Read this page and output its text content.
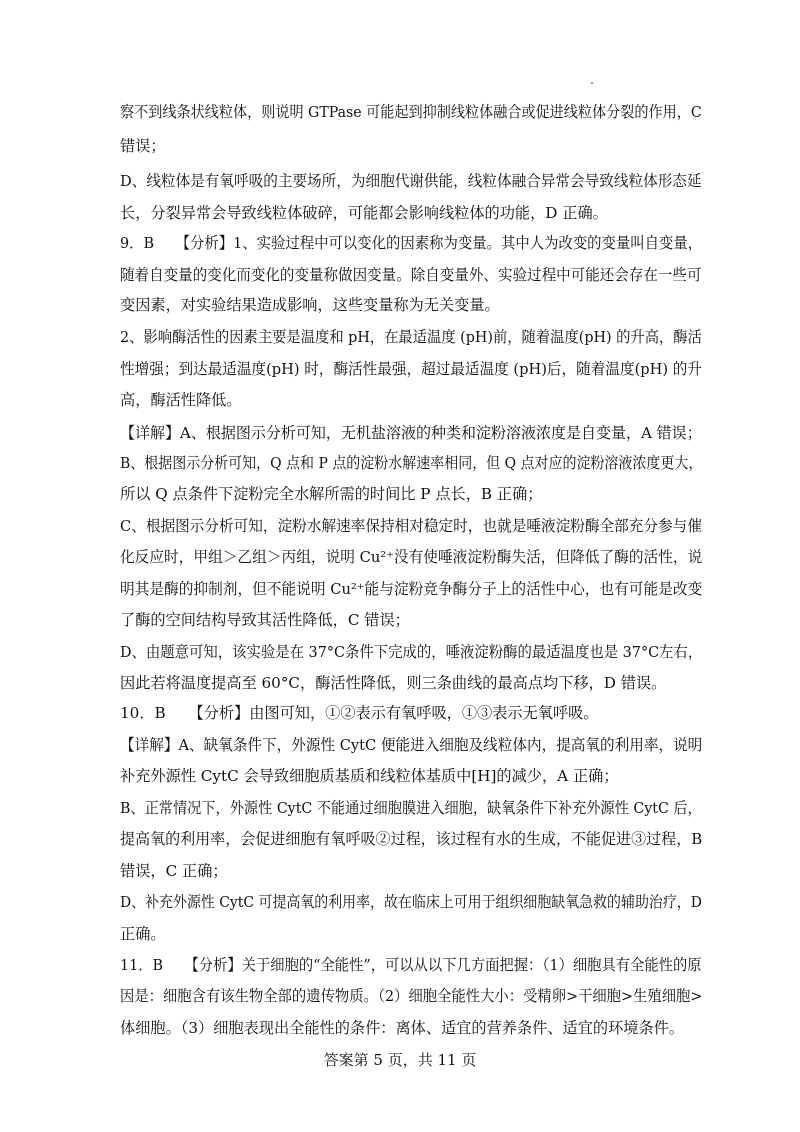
察不到线条状线粒体，则说明 GTPase 可能起到抑制线粒体融合或促进线粒体分裂的作用，C
错误；
D、线粒体是有氧呼吸的主要场所，为细胞代谢供能，线粒体融合异常会导致线粒体形态延
长，分裂异常会导致线粒体破碎，可能都会影响线粒体的功能，D 正确。
9．B　　【分析】1、实验过程中可以变化的因素称为变量。其中人为改变的变量叫自变量，
随着自变量的变化而变化的变量称做因变量。除自变量外、实验过程中可能还会存在一些可
变因素，对实验结果造成影响，这些变量称为无关变量。
2、影响酶活性的因素主要是温度和 pH，在最适温度 (pH)前，随着温度(pH) 的升高，酶活
性增强；到达最适温度(pH) 时，酶活性最强，超过最适温度 (pH)后，随着温度(pH) 的升
高，酶活性降低。
【详解】A、根据图示分析可知，无机盐溶液的种类和淀粉溶液浓度是自变量，A 错误；
B、根据图示分析可知，Q 点和 P 点的淀粉水解速率相同，但 Q 点对应的淀粉溶液浓度更大，
所以 Q 点条件下淀粉完全水解所需的时间比 P 点长，B 正确；
C、根据图示分析可知，淀粉水解速率保持相对稳定时，也就是唾液淀粉酶全部充分参与催
化反应时，甲组＞乙组＞丙组，说明 Cu²⁺没有使唾液淀粉酶失活，但降低了酶的活性，说
明其是酶的抑制剂，但不能说明 Cu²⁺能与淀粉竞争酶分子上的活性中心，也有可能是改变
了酶的空间结构导致其活性降低，C 错误；
D、由题意可知，该实验是在 37°C条件下完成的，唾液淀粉酶的最适温度也是 37°C左右，
因此若将温度提高至 60°C，酶活性降低，则三条曲线的最高点均下移，D 错误。
10．B　　【分析】由图可知，①②表示有氧呼吸，①③表示无氧呼吸。
【详解】A、缺氧条件下，外源性 CytC 便能进入细胞及线粒体内，提高氧的利用率，说明
补充外源性 CytC 会导致细胞质基质和线粒体基质中[H]的减少，A 正确；
B、正常情况下，外源性 CytC 不能通过细胞膜进入细胞，缺氧条件下补充外源性 CytC 后，
提高氧的利用率，会促进细胞有氧呼吸②过程，该过程有水的生成，不能促进③过程，B
错误，C 正确；
D、补充外源性 CytC 可提高氧的利用率，故在临床上可用于组织细胞缺氧急救的辅助治疗，D
正确。
11．B　　【分析】关于细胞的“全能性”，可以从以下几方面把握：（1）细胞具有全能性的原
因是：细胞含有该生物全部的遗传物质。（2）细胞全能性大小：受精卵>干细胞>生殖细胞>
体细胞。（3）细胞表现出全能性的条件：离体、适宜的营养条件、适宜的环境条件。
答案第 5 页，共 11 页
